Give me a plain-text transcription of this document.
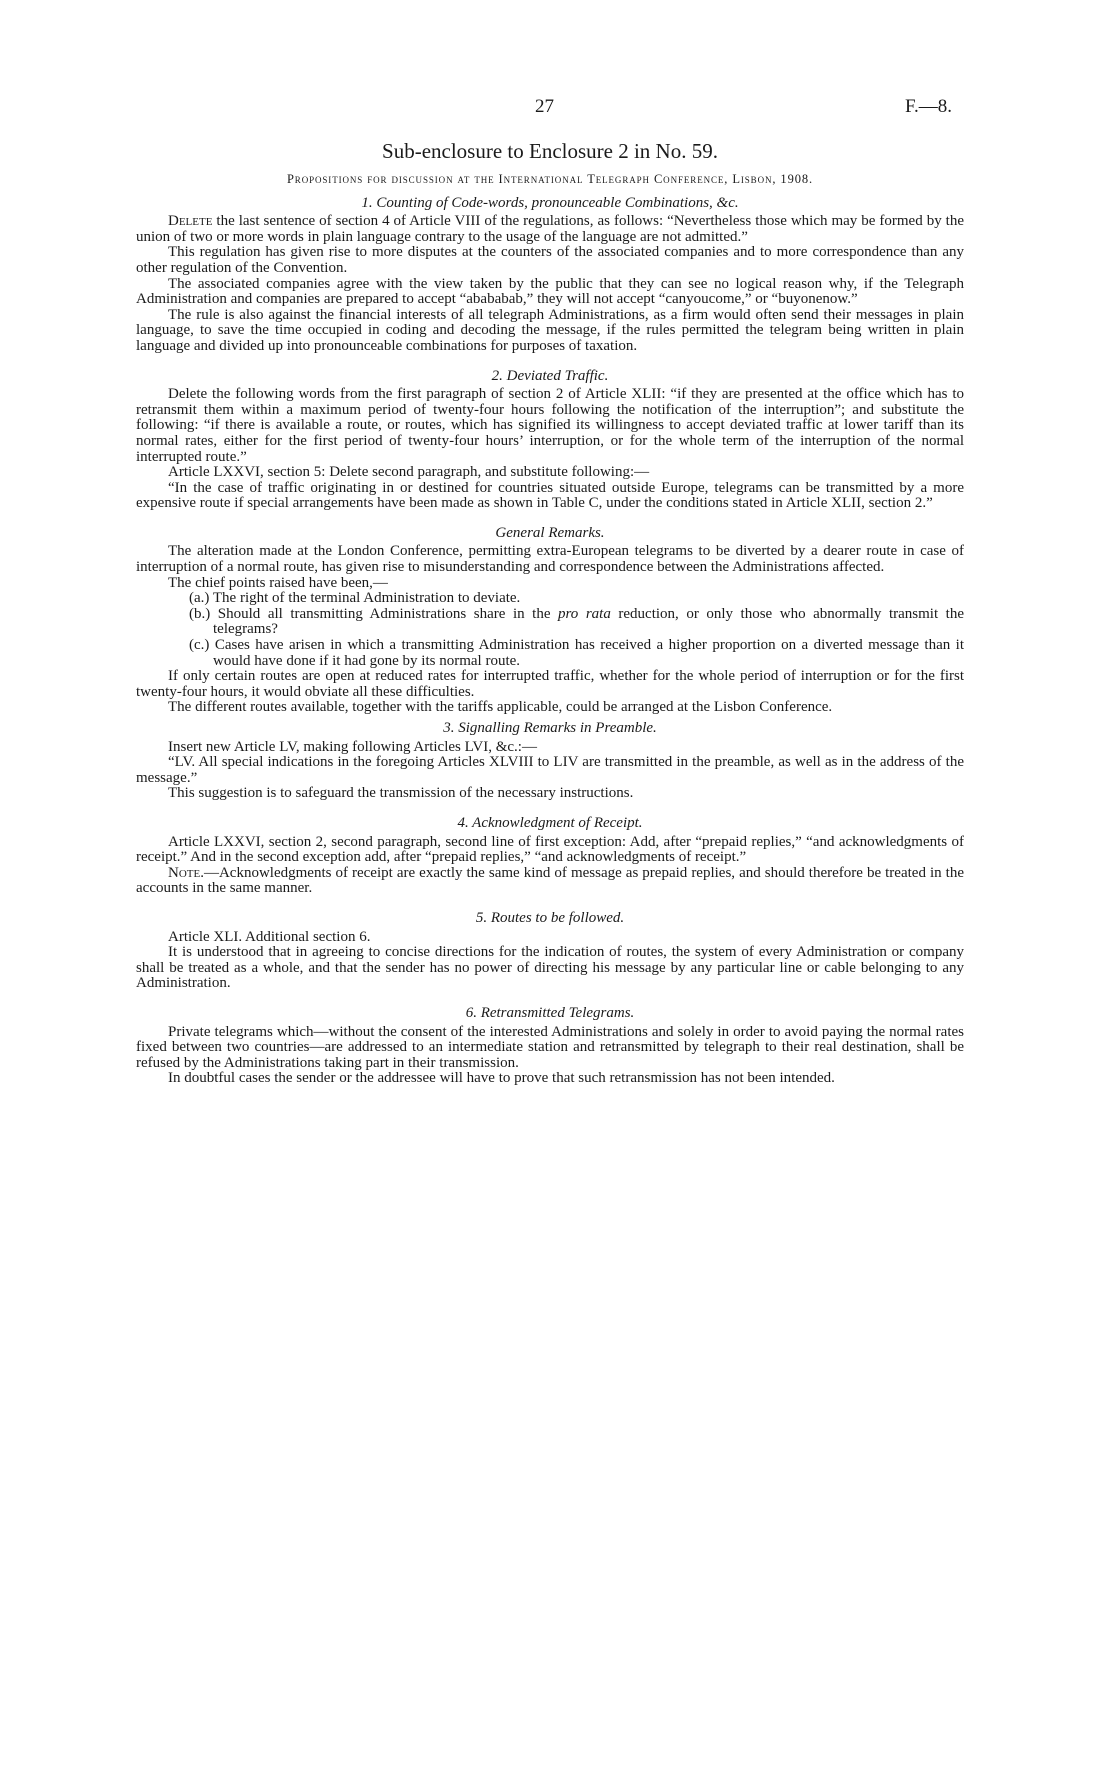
27	F.—8.
Sub-enclosure to Enclosure 2 in No. 59.
Propositions for discussion at the International Telegraph Conference, Lisbon, 1908.
1. Counting of Code-words, pronounceable Combinations, &c.

Delete the last sentence of section 4 of Article VIII of the regulations, as follows: “Nevertheless those which may be formed by the union of two or more words in plain language contrary to the usage of the language are not admitted.”

This regulation has given rise to more disputes at the counters of the associated companies and to more correspondence than any other regulation of the Convention.

The associated companies agree with the view taken by the public that they can see no logical reason why, if the Telegraph Administration and companies are prepared to accept “abababab,” they will not accept “canyoucome,” or “buyonenow.”

The rule is also against the financial interests of all telegraph Administrations, as a firm would often send their messages in plain language, to save the time occupied in coding and decoding the message, if the rules permitted the telegram being written in plain language and divided up into pronounceable combinations for purposes of taxation.

2. Deviated Traffic.

Delete the following words from the first paragraph of section 2 of Article XLII: “if they are presented at the office which has to retransmit them within a maximum period of twenty-four hours following the notification of the interruption”; and substitute the following: “if there is available a route, or routes, which has signified its willingness to accept deviated traffic at lower tariff than its normal rates, either for the first period of twenty-four hours’ interruption, or for the whole term of the interruption of the normal interrupted route.”

Article LXXVI, section 5: Delete second paragraph, and substitute following:—

“In the case of traffic originating in or destined for countries situated outside Europe, telegrams can be transmitted by a more expensive route if special arrangements have been made as shown in Table C, under the conditions stated in Article XLII, section 2.”

General Remarks.

The alteration made at the London Conference, permitting extra-European telegrams to be diverted by a dearer route in case of interruption of a normal route, has given rise to misunderstanding and correspondence between the Administrations affected.

The chief points raised have been,—

(a.) The right of the terminal Administration to deviate.
(b.) Should all transmitting Administrations share in the pro rata reduction, or only those who abnormally transmit the telegrams?
(c.) Cases have arisen in which a transmitting Administration has received a higher proportion on a diverted message than it would have done if it had gone by its normal route.

If only certain routes are open at reduced rates for interrupted traffic, whether for the whole period of interruption or for the first twenty-four hours, it would obviate all these difficulties.

The different routes available, together with the tariffs applicable, could be arranged at the Lisbon Conference.

3. Signalling Remarks in Preamble.

Insert new Article LV, making following Articles LVI, &c.:—

“LV. All special indications in the foregoing Articles XLVIII to LIV are transmitted in the preamble, as well as in the address of the message.”

This suggestion is to safeguard the transmission of the necessary instructions.

4. Acknowledgment of Receipt.

Article LXXVI, section 2, second paragraph, second line of first exception: Add, after “prepaid replies,” “and acknowledgments of receipt.” And in the second exception add, after “prepaid replies,” “and acknowledgments of receipt.”

Note.—Acknowledgments of receipt are exactly the same kind of message as prepaid replies, and should therefore be treated in the accounts in the same manner.

5. Routes to be followed.

Article XLI. Additional section 6.

It is understood that in agreeing to concise directions for the indication of routes, the system of every Administration or company shall be treated as a whole, and that the sender has no power of directing his message by any particular line or cable belonging to any Administration.

6. Retransmitted Telegrams.

Private telegrams which—without the consent of the interested Administrations and solely in order to avoid paying the normal rates fixed between two countries—are addressed to an intermediate station and retransmitted by telegraph to their real destination, shall be refused by the Administrations taking part in their transmission.

In doubtful cases the sender or the addressee will have to prove that such retransmission has not been intended.
